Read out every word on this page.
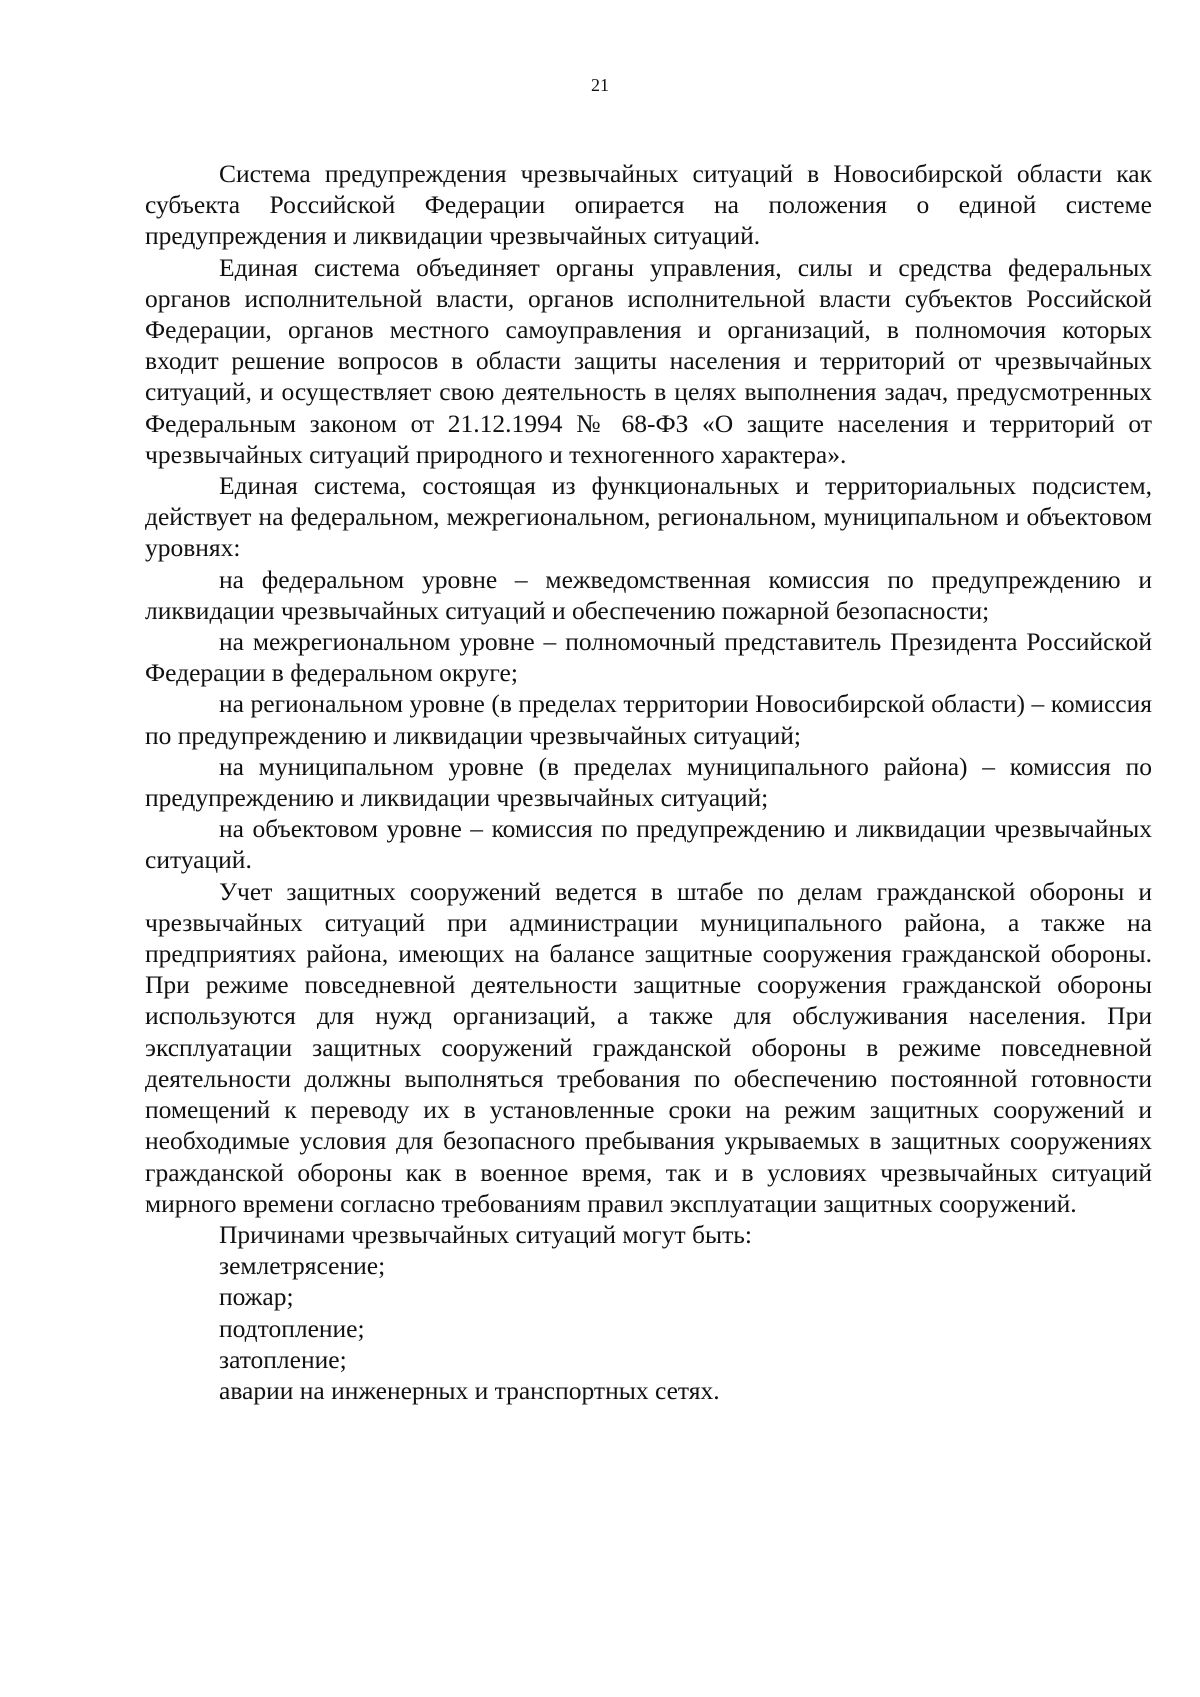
21

Система предупреждения чрезвычайных ситуаций в Новосибирской области как субъекта Российской Федерации опирается на положения о единой системе предупреждения и ликвидации чрезвычайных ситуаций.

Единая система объединяет органы управления, силы и средства федеральных органов исполнительной власти, органов исполнительной власти субъектов Российской Федерации, органов местного самоуправления и организаций, в полномочия которых входит решение вопросов в области защиты населения и территорий от чрезвычайных ситуаций, и осуществляет свою деятельность в целях выполнения задач, предусмотренных Федеральным законом от 21.12.1994 № 68-ФЗ «О защите населения и территорий от чрезвычайных ситуаций природного и техногенного характера».

Единая система, состоящая из функциональных и территориальных подсистем, действует на федеральном, межрегиональном, региональном, муниципальном и объектовом уровнях:

на федеральном уровне – межведомственная комиссия по предупреждению и ликвидации чрезвычайных ситуаций и обеспечению пожарной безопасности;

на межрегиональном уровне – полномочный представитель Президента Российской Федерации в федеральном округе;

на региональном уровне (в пределах территории Новосибирской области) – комиссия по предупреждению и ликвидации чрезвычайных ситуаций;

на муниципальном уровне (в пределах муниципального района) – комиссия по предупреждению и ликвидации чрезвычайных ситуаций;

на объектовом уровне – комиссия по предупреждению и ликвидации чрезвычайных ситуаций.

Учет защитных сооружений ведется в штабе по делам гражданской обороны и чрезвычайных ситуаций при администрации муниципального района, а также на предприятиях района, имеющих на балансе защитные сооружения гражданской обороны. При режиме повседневной деятельности защитные сооружения гражданской обороны используются для нужд организаций, а также для обслуживания населения. При эксплуатации защитных сооружений гражданской обороны в режиме повседневной деятельности должны выполняться требования по обеспечению постоянной готовности помещений к переводу их в установленные сроки на режим защитных сооружений и необходимые условия для безопасного пребывания укрываемых в защитных сооружениях гражданской обороны как в военное время, так и в условиях чрезвычайных ситуаций мирного времени согласно требованиям правил эксплуатации защитных сооружений.

Причинами чрезвычайных ситуаций могут быть:

землетрясение;

пожар;

подтопление;

затопление;

аварии на инженерных и транспортных сетях.
